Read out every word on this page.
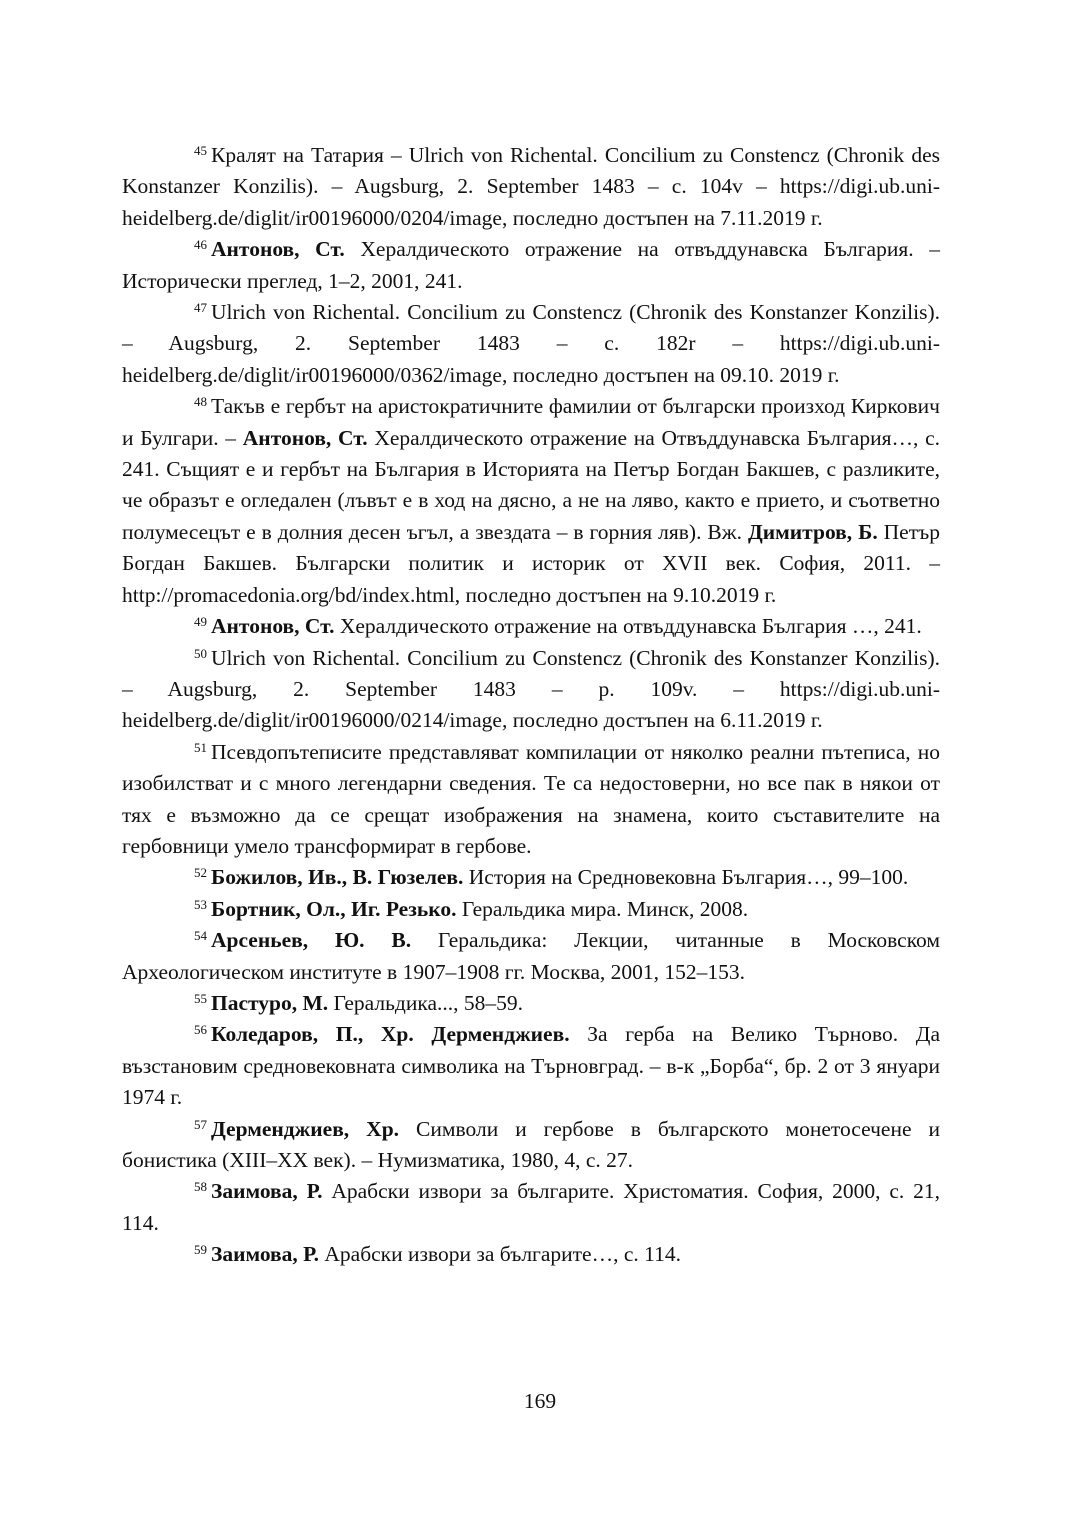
$^{45}$ Кралят на Татария – Ulrich von Richental. Concilium zu Constencz (Chronik des Konstanzer Konzilis). – Augsburg, 2. September 1483 – с. 104v – https://digi.ub.uni-heidelberg.de/diglit/ir00196000/0204/image, последно достъпен на 7.11.2019 г.

$^{46}$ Антонов, Ст. Хералдическото отражение на отвъддунавска България. – Исторически преглед, 1–2, 2001, 241.

$^{47}$ Ulrich von Richental. Concilium zu Constencz (Chronik des Konstanzer Konzilis). – Augsburg, 2. September 1483 – с. 182r – https://digi.ub.uni-heidelberg.de/diglit/ir00196000/0362/image, последно достъпен на 09.10. 2019 г.

$^{48}$ Такъв е гербът на аристократичните фамилии от български произход Киркович и Булгари. – Антонов, Ст. Хералдическото отражение на Отвъддунавска България…, с. 241. Същият е и гербът на България в Историята на Петър Богдан Бакшев, с разликите, че образът е огледален (лъвът е в ход на дясно, а не на ляво, както е прието, и съответно полумесецът е в долния десен ъгъл, а звездата – в горния ляв). Вж. Димитров, Б. Петър Богдан Бакшев. Български политик и историк от XVII век. София, 2011. – http://promacedonia.org/bd/index.html, последно достъпен на 9.10.2019 г.

$^{49}$ Антонов, Ст. Хералдическото отражение на отвъддунавска България …, 241.

$^{50}$ Ulrich von Richental. Concilium zu Constencz (Chronik des Konstanzer Konzilis). – Augsburg, 2. September 1483 – p. 109v. – https://digi.ub.uni-heidelberg.de/diglit/ir00196000/0214/image, последно достъпен на 6.11.2019 г.

$^{51}$ Псевдопътеписите представляват компилации от няколко реални пътеписа, но изобилстват и с много легендарни сведения. Те са недостоверни, но все пак в някои от тях е възможно да се срещат изображения на знамена, които съставителите на гербовници умело трансформират в гербове.

$^{52}$ Божилов, Ив., В. Гюзелев. История на Средновековна България…, 99–100.

$^{53}$ Бортник, Ол., Иг. Резько. Геральдика мира. Минск, 2008.

$^{54}$ Арсеньев, Ю. В. Геральдика: Лекции, читанные в Московском Археологическом институте в 1907–1908 гг. Москва, 2001, 152–153.

$^{55}$ Пастуро, М. Геральдика..., 58–59.

$^{56}$ Коледаров, П., Хр. Дерменджиев. За герба на Велико Търново. Да възстановим средновековната символика на Търновград. – в-к „Борба“, бр. 2 от 3 януари 1974 г.

$^{57}$ Дерменджиев, Хр. Символи и гербове в българското монетосечене и бонистика (XIII–XX век). – Нумизматика, 1980, 4, с. 27.

$^{58}$ Заимова, Р. Арабски извори за българите. Христоматия. София, 2000, с. 21, 114.

$^{59}$ Заимова, Р. Арабски извори за българите…, с. 114.

169
